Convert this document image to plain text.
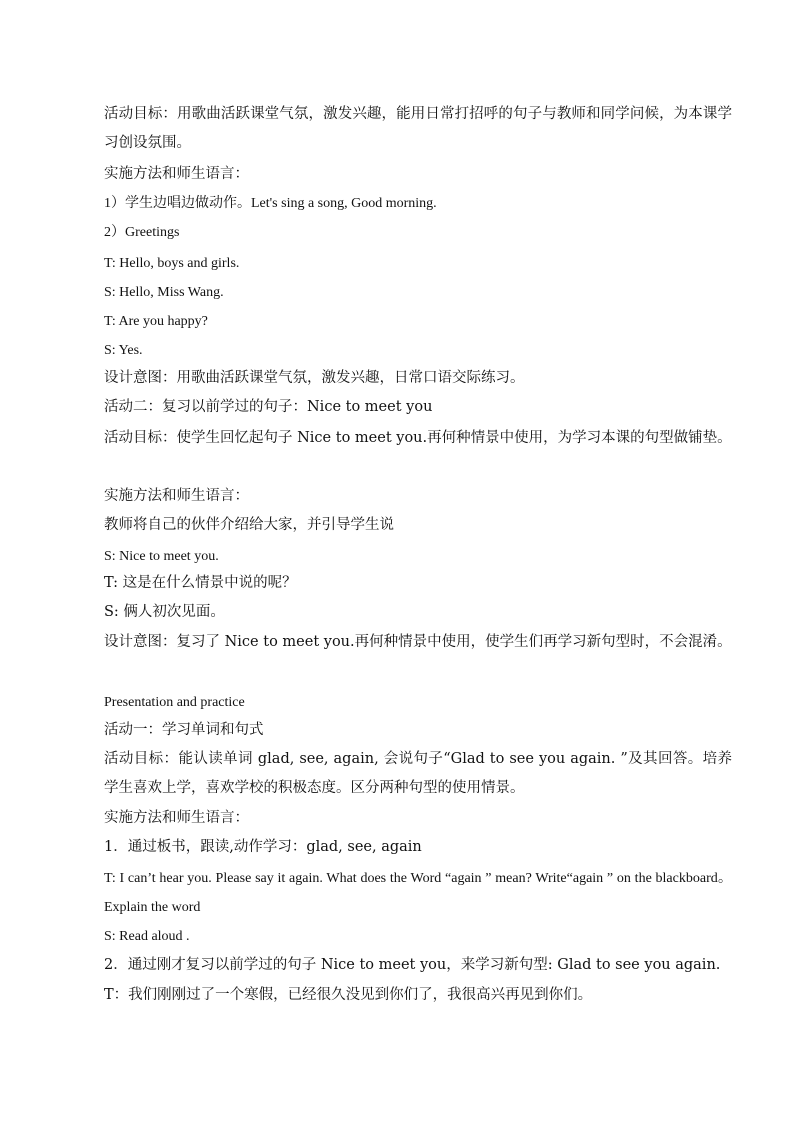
活动目标：用歌曲活跃课堂气氛，激发兴趣，能用日常打招呼的句子与教师和同学问候，为本课学习创设氛围。

实施方法和师生语言：

1）学生边唱边做动作。Let's sing a song, Good morning.

2）Greetings

T: Hello, boys and girls.

S: Hello, Miss Wang.

T: Are you happy?

S: Yes.

设计意图：用歌曲活跃课堂气氛，激发兴趣，日常口语交际练习。

活动二：复习以前学过的句子：Nice to meet you

活动目标：使学生回忆起句子 Nice to meet you.再何种情景中使用，为学习本课的句型做铺垫。

实施方法和师生语言：

教师将自己的伙伴介绍给大家，并引导学生说

S: Nice to meet you.

T: 这是在什么情景中说的呢？

S: 俩人初次见面。

设计意图：复习了 Nice to meet you.再何种情景中使用，使学生们再学习新句型时，不会混淆。

Presentation and practice

活动一：学习单词和句式

活动目标：能认读单词 glad, see, again, 会说句子“Glad to see you again. ”及其回答。培养学生喜欢上学，喜欢学校的积极态度。区分两种句型的使用情景。

实施方法和师生语言：

1．通过板书，跟读,动作学习：glad, see, again

T: I can’t hear you. Please say it again. What does the Word “again ” mean? Write“again ” on the blackboard。Explain the word

S: Read aloud .

2．通过刚才复习以前学过的句子 Nice to meet you，来学习新句型: Glad to see you again.

T：我们刚刚过了一个寒假，已经很久没见到你们了，我很高兴再见到你们。
